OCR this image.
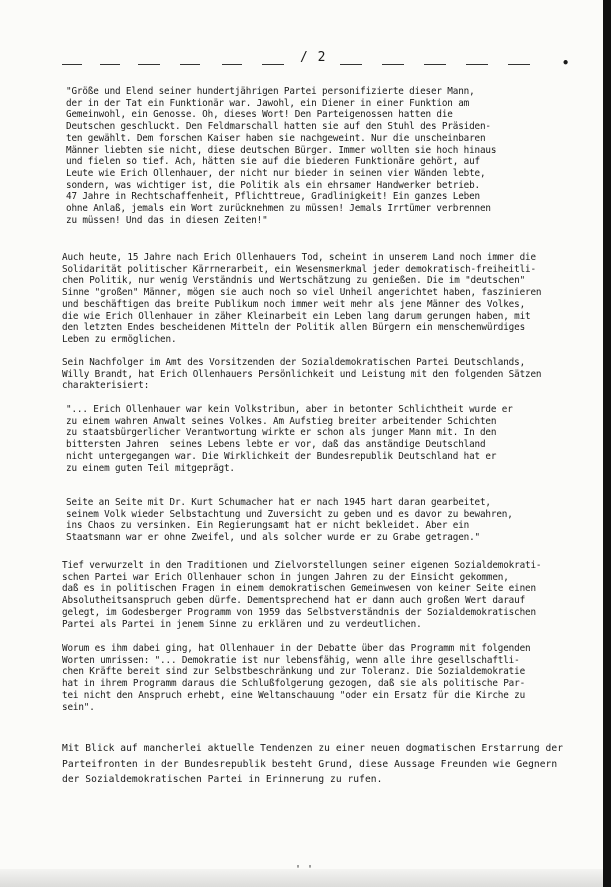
/ 2	•
"Größe und Elend seiner hundertjährigen Partei personifizierte dieser Mann,
der in der Tat ein Funktionär war. Jawohl, ein Diener in einer Funktion am
Gemeinwohl, ein Genosse. Oh, dieses Wort! Den Parteigenossen hatten die
Deutschen geschluckt. Den Feldmarschall hatten sie auf den Stuhl des Präsiden-
ten gewählt. Dem forschen Kaiser haben sie nachgeweint. Nur die unscheinbaren
Männer liebten sie nicht, diese deutschen Bürger. Immer wollten sie hoch hinaus
und fielen so tief. Ach, hätten sie auf die biederen Funktionäre gehört, auf
Leute wie Erich Ollenhauer, der nicht nur bieder in seinen vier Wänden lebte,
sondern, was wichtiger ist, die Politik als ein ehrsamer Handwerker betrieb.
47 Jahre in Rechtschaffenheit, Pflichttreue, Gradlinigkeit! Ein ganzes Leben
ohne Anlaß, jemals ein Wort zurücknehmen zu müssen! Jemals Irrtümer verbrennen
zu müssen! Und das in diesen Zeiten!"
Auch heute, 15 Jahre nach Erich Ollenhauers Tod, scheint in unserem Land noch immer die
Solidarität politischer Kärrnerarbeit, ein Wesensmerkmal jeder demokratisch-freiheitli-
chen Politik, nur wenig Verständnis und Wertschätzung zu genießen. Die im "deutschen"
Sinne "großen" Männer, mögen sie auch noch so viel Unheil angerichtet haben, faszinieren
und beschäftigen das breite Publikum noch immer weit mehr als jene Männer des Volkes,
die wie Erich Ollenhauer in zäher Kleinarbeit ein Leben lang darum gerungen haben, mit
den letzten Endes bescheidenen Mitteln der Politik allen Bürgern ein menschenwürdiges
Leben zu ermöglichen.
Sein Nachfolger im Amt des Vorsitzenden der Sozialdemokratischen Partei Deutschlands,
Willy Brandt, hat Erich Ollenhauers Persönlichkeit und Leistung mit den folgenden Sätzen
charakterisiert:
"... Erich Ollenhauer war kein Volkstribun, aber in betonter Schlichtheit wurde er
zu einem wahren Anwalt seines Volkes. Am Aufstieg breiter arbeitender Schichten
zu staatsbürgerlicher Verantwortung wirkte er schon als junger Mann mit. In den
bittersten Jahren  seines Lebens lebte er vor, daß das anständige Deutschland
nicht untergegangen war. Die Wirklichkeit der Bundesrepublik Deutschland hat er
zu einem guten Teil mitgeprägt.
Seite an Seite mit Dr. Kurt Schumacher hat er nach 1945 hart daran gearbeitet,
seinem Volk wieder Selbstachtung und Zuversicht zu geben und es davor zu bewahren,
ins Chaos zu versinken. Ein Regierungsamt hat er nicht bekleidet. Aber ein
Staatsmann war er ohne Zweifel, und als solcher wurde er zu Grabe getragen."
Tief verwurzelt in den Traditionen und Zielvorstellungen seiner eigenen Sozialdemokrati-
schen Partei war Erich Ollenhauer schon in jungen Jahren zu der Einsicht gekommen,
daß es in politischen Fragen in einem demokratischen Gemeinwesen von keiner Seite einen
Absolutheitsanspruch geben dürfe. Dementsprechend hat er dann auch großen Wert darauf
gelegt, im Godesberger Programm von 1959 das Selbstverständnis der Sozialdemokratischen
Partei als Partei in jenem Sinne zu erklären und zu verdeutlichen.
Worum es ihm dabei ging, hat Ollenhauer in der Debatte über das Programm mit folgenden
Worten umrissen: "... Demokratie ist nur lebensfähig, wenn alle ihre gesellschaftli-
chen Kräfte bereit sind zur Selbstbeschränkung und zur Toleranz. Die Sozialdemokratie
hat in ihrem Programm daraus die Schlußfolgerung gezogen, daß sie als politische Par-
tei nicht den Anspruch erhebt, eine Weltanschauung "oder ein Ersatz für die Kirche zu
sein".
Mit Blick auf mancherlei aktuelle Tendenzen zu einer neuen dogmatischen Erstarrung der
Parteifronten in der Bundesrepublik besteht Grund, diese Aussage Freunden wie Gegnern
der Sozialdemokratischen Partei in Erinnerung zu rufen.
